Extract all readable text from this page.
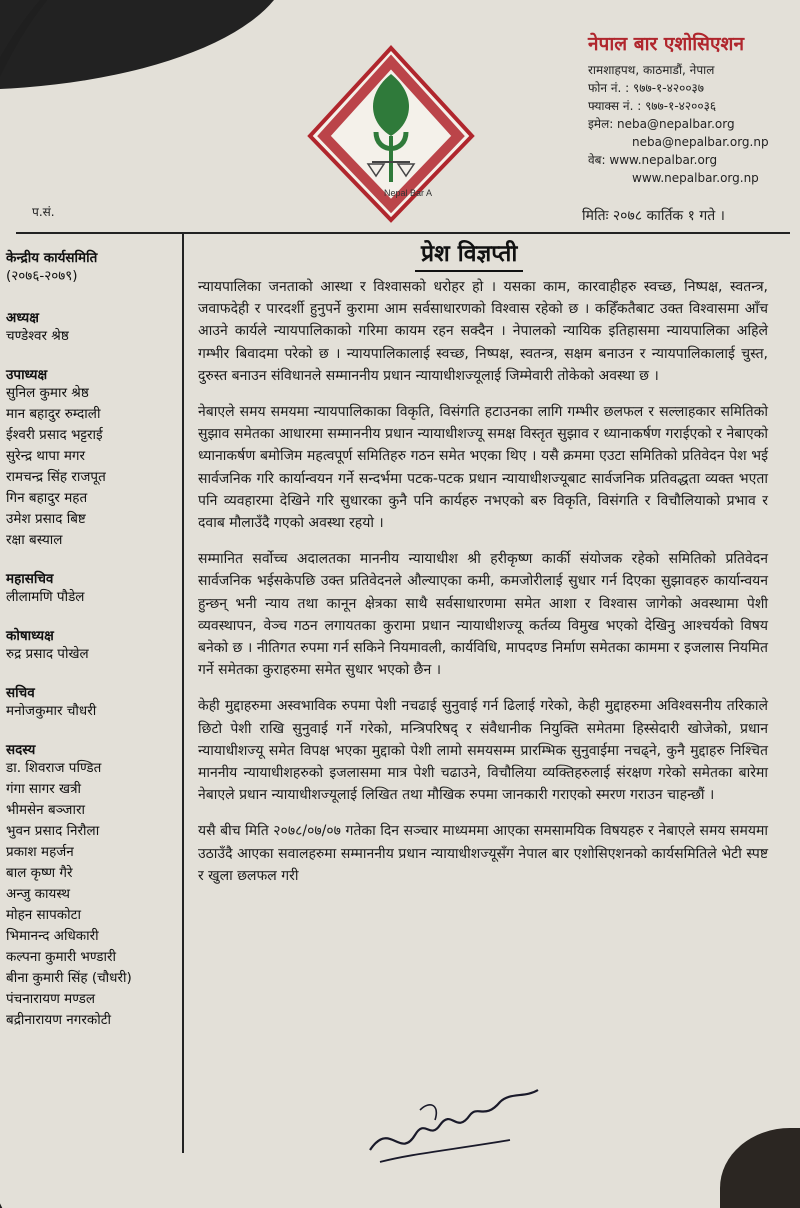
Nepal Bar A
नेपाल बार एशोसिएशन
रामशाहपथ, काठमाडौं, नेपाल
फोन नं. : ९७७-१-४२००३७
फ्याक्स नं. : ९७७-१-४२००३६
इमेल: neba@nepalbar.org
neba@nepalbar.org.np
वेब: www.nepalbar.org
www.nepalbar.org.np
प.सं.	मितिः २०७८ कार्तिक १ गते ।
केन्द्रीय कार्यसमिति
(२०७६-२०७९)
अध्यक्ष
चण्डेश्वर श्रेष्ठ
उपाध्यक्ष
सुनिल कुमार श्रेष्ठ
मान बहादुर रुम्दाली
ईश्वरी प्रसाद भट्टराई
सुरेन्द्र थापा मगर
रामचन्द्र सिंह राजपूत
गिन बहादुर महत
उमेश प्रसाद बिष्ट
रक्षा बस्याल
महासचिव
लीलामणि पौडेल
कोषाध्यक्ष
रुद्र प्रसाद पोखेल
सचिव
मनोजकुमार चौधरी
सदस्य
डा. शिवराज पण्डित
गंगा सागर खत्री
भीमसेन बञ्जारा
भुवन प्रसाद निरौला
प्रकाश महर्जन
बाल कृष्ण गैरे
अन्जु कायस्थ
मोहन सापकोटा
भिमानन्द अधिकारी
कल्पना कुमारी भण्डारी
बीना कुमारी सिंह (चौधरी)
पंचनारायण मण्डल
बद्रीनारायण नगरकोटी
प्रेश विज्ञप्ती

न्यायपालिका जनताको आस्था र विश्वासको धरोहर हो । यसका काम, कारवाहीहरु स्वच्छ, निष्पक्ष, स्वतन्त्र, जवाफदेही र पारदर्शी हुनुपर्ने कुरामा आम सर्वसाधारणको विश्वास रहेको छ । कहिँकतैबाट उक्त विश्वासमा आँच आउने कार्यले न्यायपालिकाको गरिमा कायम रहन सक्दैन । नेपालको न्यायिक इतिहासमा न्यायपालिका अहिले गम्भीर बिवादमा परेको छ । न्यायपालिकालाई स्वच्छ, निष्पक्ष, स्वतन्त्र, सक्षम बनाउन र न्यायपालिकालाई चुस्त, दुरुस्त बनाउन संविधानले सम्माननीय प्रधान न्यायाधीशज्यूलाई जिम्मेवारी तोकेको अवस्था छ ।

नेबाएले समय समयमा न्यायपालिकाका विकृति, विसंगति हटाउनका लागि गम्भीर छलफल र सल्लाहकार समितिको सुझाव समेतका आधारमा सम्माननीय प्रधान न्यायाधीशज्यू समक्ष विस्तृत सुझाव र ध्यानाकर्षण गराईएको र नेबाएको ध्यानाकर्षण बमोजिम महत्वपूर्ण समितिहरु गठन समेत भएका थिए । यसै क्रममा एउटा समितिको प्रतिवेदन पेश भई सार्वजनिक गरि कार्यान्वयन गर्ने सन्दर्भमा पटक-पटक प्रधान न्यायाधीशज्यूबाट सार्वजनिक प्रतिवद्धता व्यक्त भएता पनि व्यवहारमा देखिने गरि सुधारका कुनै पनि कार्यहरु नभएको बरु विकृति, विसंगति र विचौलियाको प्रभाव र दवाब मौलाउँदै गएको अवस्था रहयो ।

सम्मानित सर्वोच्च अदालतका माननीय न्यायाधीश श्री हरीकृष्ण कार्की संयोजक रहेको समितिको प्रतिवेदन सार्वजनिक भईसकेपछि उक्त प्रतिवेदनले औल्याएका कमी, कमजोरीलाई सुधार गर्न दिएका सुझावहरु कार्यान्वयन हुन्छन् भनी न्याय तथा कानून क्षेत्रका साथै सर्वसाधारणमा समेत आशा र विश्वास जागेको अवस्थामा पेशी व्यवस्थापन, वेञ्च गठन लगायतका कुरामा प्रधान न्यायाधीशज्यू कर्तव्य विमुख भएको देखिनु आश्चर्यको विषय बनेको छ । नीतिगत रुपमा गर्न सकिने नियमावली, कार्यविधि, मापदण्ड निर्माण समेतका काममा र इजलास नियमित गर्ने समेतका कुराहरुमा समेत सुधार भएको छैन ।

केही मुद्दाहरुमा अस्वभाविक रुपमा पेशी नचढाई सुनुवाई गर्न ढिलाई गरेको, केही मुद्दाहरुमा अविश्वसनीय तरिकाले छिटो पेशी राखि सुनुवाई गर्ने गरेको, मन्त्रिपरिषद् र संवैधानीक नियुक्ति समेतमा हिस्सेदारी खोजेको, प्रधान न्यायाधीशज्यू समेत विपक्ष भएका मुद्दाको पेशी लामो समयसम्म प्रारम्भिक सुनुवाईमा नचढ्ने, कुनै मुद्दाहरु निश्चित माननीय न्यायाधीशहरुको इजलासमा मात्र पेशी चढाउने, विचौलिया व्यक्तिहरुलाई संरक्षण गरेको समेतका बारेमा नेबाएले प्रधान न्यायाधीशज्यूलाई लिखित तथा मौखिक रुपमा जानकारी गराएको स्मरण गराउन चाहन्छौं ।

यसै बीच मिति २०७८/०७/०७ गतेका दिन सञ्चार माध्यममा आएका समसामयिक विषयहरु र नेबाएले समय समयमा उठाउँदै आएका सवालहरुमा सम्माननीय प्रधान न्यायाधीशज्यूसँग नेपाल बार एशोसिएशनको कार्यसमितिले भेटी स्पष्ट र खुला छलफल गरी
